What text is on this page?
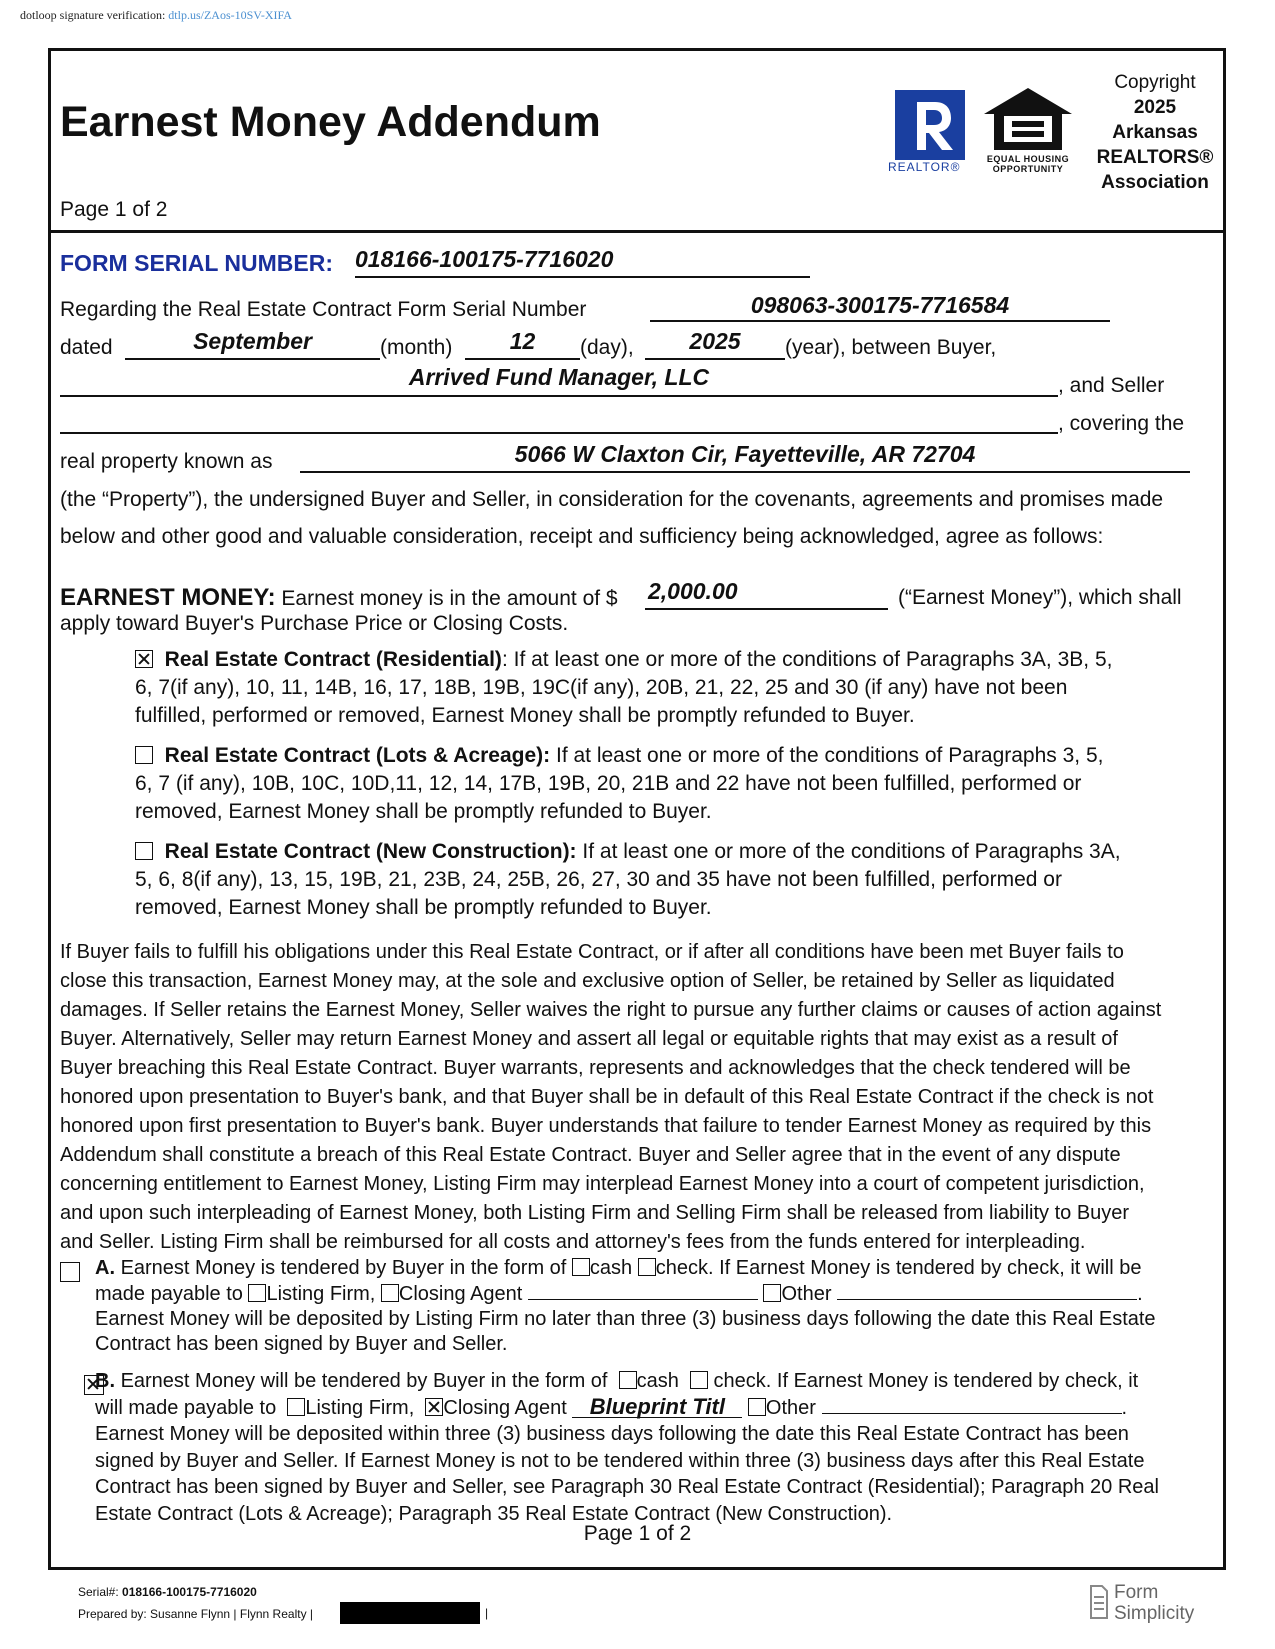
dotloop signature verification: dtlp.us/ZAos-10SV-XIFA
Earnest Money Addendum
Page 1 of 2
REALTOR®
EQUAL HOUSING
OPPORTUNITY
Copyright
2025
Arkansas
REALTORS®
Association
FORM SERIAL NUMBER: 018166-100175-7716020
Regarding the Real Estate Contract Form Serial Number	098063-300175-7716584
dated	September	(month)	12	(day),	2025	(year), between Buyer,
Arrived Fund Manager, LLC	, and Seller
, covering the
real property known as	5066 W Claxton Cir, Fayetteville, AR 72704
(the “Property”), the undersigned Buyer and Seller, in consideration for the covenants, agreements and promises made
below and other good and valuable consideration, receipt and sufficiency being acknowledged, agree as follows:
EARNEST MONEY: Earnest money is in the amount of $ 2,000.00	(“Earnest Money”), which shall
apply toward Buyer's Purchase Price or Closing Costs.
Real Estate Contract (Residential): If at least one or more of the conditions of Paragraphs 3A, 3B, 5,
6, 7(if any), 10, 11, 14B, 16, 17, 18B, 19B, 19C(if any), 20B, 21, 22, 25 and 30 (if any) have not been
fulfilled, performed or removed, Earnest Money shall be promptly refunded to Buyer.
Real Estate Contract (Lots & Acreage): If at least one or more of the conditions of Paragraphs 3, 5,
6, 7 (if any), 10B, 10C, 10D,11, 12, 14, 17B, 19B, 20, 21B and 22 have not been fulfilled, performed or
removed, Earnest Money shall be promptly refunded to Buyer.
Real Estate Contract (New Construction): If at least one or more of the conditions of Paragraphs 3A,
5, 6, 8(if any), 13, 15, 19B, 21, 23B, 24, 25B, 26, 27, 30 and 35 have not been fulfilled, performed or
removed, Earnest Money shall be promptly refunded to Buyer.
If Buyer fails to fulfill his obligations under this Real Estate Contract, or if after all conditions have been met Buyer fails to
close this transaction, Earnest Money may, at the sole and exclusive option of Seller, be retained by Seller as liquidated
damages. If Seller retains the Earnest Money, Seller waives the right to pursue any further claims or causes of action against
Buyer. Alternatively, Seller may return Earnest Money and assert all legal or equitable rights that may exist as a result of
Buyer breaching this Real Estate Contract. Buyer warrants, represents and acknowledges that the check tendered will be
honored upon presentation to Buyer's bank, and that Buyer shall be in default of this Real Estate Contract if the check is not
honored upon first presentation to Buyer's bank. Buyer understands that failure to tender Earnest Money as required by this
Addendum shall constitute a breach of this Real Estate Contract. Buyer and Seller agree that in the event of any dispute
concerning entitlement to Earnest Money, Listing Firm may interplead Earnest Money into a court of competent jurisdiction,
and upon such interpleading of Earnest Money, both Listing Firm and Selling Firm shall be released from liability to Buyer
and Seller. Listing Firm shall be reimbursed for all costs and attorney's fees from the funds entered for interpleading.

A. Earnest Money is tendered by Buyer in the form of cash check. If Earnest Money is tendered by check, it will be
made payable to Listing Firm, Closing Agent	Other	.
Earnest Money will be deposited by Listing Firm no later than three (3) business days following the date this Real Estate
Contract has been signed by Buyer and Seller.
B. Earnest Money will be tendered by Buyer in the form of cash check. If Earnest Money is tendered by check, it
will made payable to Listing Firm, Closing Agent Blueprint Titl Other	.
Earnest Money will be deposited within three (3) business days following the date this Real Estate Contract has been
signed by Buyer and Seller. If Earnest Money is not to be tendered within three (3) business days after this Real Estate
Contract has been signed by Buyer and Seller, see Paragraph 30 Real Estate Contract (Residential); Paragraph 20 Real
Estate Contract (Lots & Acreage); Paragraph 35 Real Estate Contract (New Construction).
Page 1 of 2
Serial#: 018166-100175-7716020
Prepared by: Susanne Flynn | Flynn Realty |	|
Form
Simplicity
